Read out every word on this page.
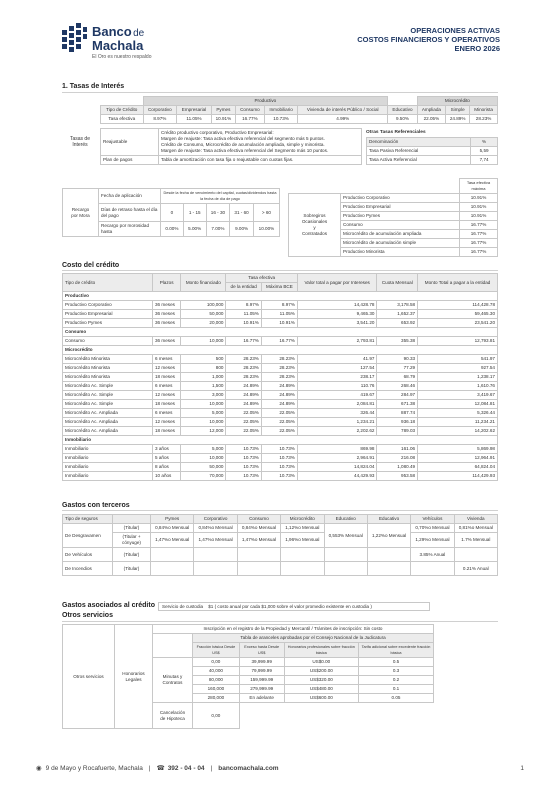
Banco de
Machala
El Oro es nuestro respaldo
OPERACIONES ACTIVAS
COSTOS FINANCIEROS Y OPERATIVOS
ENERO 2026
1. Tasas de Interés
	Productivo							Microcrédito		
Tipo de Crédito	Corporativo	Empresarial	Pymes	Consumo	Inmobiliario	Vivienda de interés Público / Social	Educativo	Ampliada	Simple	Minorista
Tasa efectiva	8.97%	11.05%	10.91%	16.77%	10.73%	4.99%	9.50%	22.05%	24.89%	28.23%
Tasas de Interés
Reajustable	Crédito productivo corporativo, Productivo Empresarial:
Margen de reajuste: Tasa activa efectiva referencial del segmento más 5 puntos.
Crédito de Consumo, Microcrédito de acumulación ampliada, simple y minorista.
Margen de reajuste: Tasa activa efectiva referencial del Segmento más 10 puntos.

Plan de pagos	Tabla de amortización con tasa fija o reajustable con cuotas fijas.
Otras Tasas Referenciales
Denominación	%
Tasa Pasiva Referencial	5,59
Tasa Activa Referencial	7,74
Recargo
por Mora	Fecha de aplicación	Desde la fecha de vencimiento del capital, cuotas/dividendos hasta la fecha de día de pago				
	Días de retraso hasta el día del pago	0	1 - 15	16 - 30	31 - 60	> 60
	Recargo por morosidad hasta	0.00%	5.00%	7.00%	9.00%	10.00%
		Tasa efectiva máxima

Sobregiros
Ocasionales
y
Contratados	Productivo Corporativo	10.91%
	Productivo Empresarial	10.91%
	Productivo Pymes	10.91%
	Consumo	16.77%
	Microcrédito de acumulación ampliada	16.77%
	Microcrédito de acumulación simple	16.77%
	Productivo Minorista	16.77%
Costo del crédito
Tipo de crédito	Plazos	Monto financiado	Tasa efectiva		Valor total a pagar por Intereses	Cuota Mensual	Monto Total a pagar a la entidad
			de la entidad	Máxima BCE			
Productivo							
Productivo Corporativo	36 meses	100,000	8.97%	8.97%	14,428.78	3,178.58	114,428.78
Productivo Empresarial	36 meses	50,000	11.05%	11.05%	9,465.30	1,652.37	59,465.30
Productivo Pymes	36 meses	20,000	10.91%	10.91%	3,541.20	653.92	23,541.20
Consumo							
Consumo	36 meses	10,000	16.77%	16.77%	2,793.81	355.38	12,793.81
Microcrédito							
Microcrédito Minorista	6 meses	500	28.23%	28.23%	41.97	90.33	541.97
Microcrédito Minorista	12 meses	800	28.23%	28.23%	127.54	77.29	927.54
Microcrédito Minorista	18 meses	1,000	28.23%	28.23%	238.17	68.79	1,238.17
Microcrédito Ac. Simple	6 meses	1,500	24.89%	24.89%	110.76	268.46	1,610.76
Microcrédito Ac. Simple	12 meses	3,000	24.89%	24.89%	419.67	284.97	3,419.67
Microcrédito Ac. Simple	18 meses	10,000	24.89%	24.89%	2,084.81	671.38	12,084.81
Microcrédito Ac. Ampliada	6 meses	5,000	22.05%	22.05%	326.44	887.74	5,326.44
Microcrédito Ac. Ampliada	12 meses	10,000	22.05%	22.05%	1,234.21	936.18	11,234.21
Microcrédito Ac. Ampliada	18 meses	12,000	22.05%	22.05%	2,202.62	789.03	14,202.62
Inmobiliario							
Inmobiliario	3 años	5,000	10.73%	10.73%	869.98	161.06	5,869.98
Inmobiliario	5 años	10,000	10.73%	10.73%	2,964.91	216.08	12,964.91
Inmobiliario	8 años	50,000	10.73%	10.73%	14,824.04	1,080.49	64,824.04
Inmobiliario	10 años	70,000	10.73%	10.73%	44,429.93	953.58	114,429.93
Gastos con terceros
Tipo de seguros		Pymes	Corporativo	Consumo	Microcrédito	Educativo	Educativo	Vehículos	Vivienda
De Desgravamen	(Titular)	0,84%o Mensual	0,84%o Mensual	0,84%o Mensual	1,12%o Mensual	0,553% Mensual	1,22%o Mensual	0,70%o Mensual	0,81%o Mensual
	(Titular + cónyuge)	1,47%o Mensual	1,47%o Mensual	1,47%o Mensual	1,96%o Mensual			1,29%o Mensual	1.7% Mensual
De Vehículos	(Titular)							3.85% Anual	
De Incendios	(Titular)								0.21% Anual
Gastos asociados al crédito	Servicio de custodia $1 ( costo anual por cada $1,000 sobre el valor promedio existente en custodia )
Otros servicios
Otros servicios	Honorarios
Legales	Inscripción en el registro de la Propiedad y Mercantil / Trámites de inscripción: Sin costo				
			Tabla de aranceles aprobadas por el Consejo Nacional de la Judicatura			
			Fracción básica Desde US$	Exceso hasta Desde US$	Honorarios profesionales sobre fracción básica	Tarifa adicional sobre excedente fracción básica

		Minutas y
Contratos	0,00	39,999.99	US$0.00	0.5
			40,000	79,999.99	US$200.00	0.3
			80,000	159,999.99	US$320.00	0.2
			160,000	279,999.99	US$480.00	0.1
			280,000	En adelante	US$600.00	0.05

		Cancelación
de Hipoteca	0,00			
◉ 9 de Mayo y Rocafuerte, Machala | ☎ 392 - 04 - 04 | bancomachala.com	1
